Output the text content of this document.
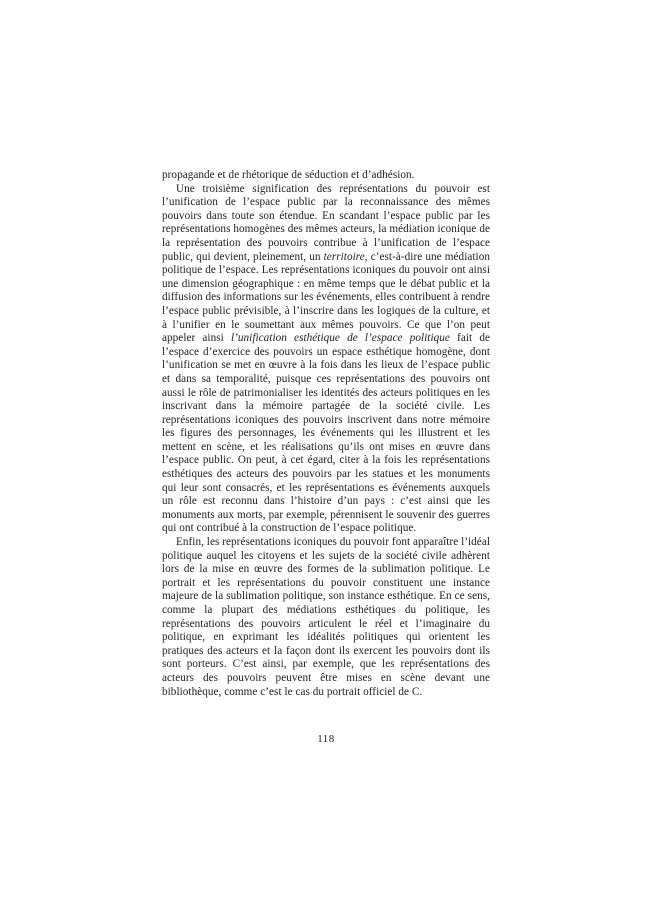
propagande et de rhétorique de séduction et d’adhésion.

Une troisième signification des représentations du pouvoir est l’unification de l’espace public par la reconnaissance des mêmes pouvoirs dans toute son étendue. En scandant l’espace public par les représentations homogènes des mêmes acteurs, la médiation iconique de la représentation des pouvoirs contribue à l’unification de l’espace public, qui devient, pleinement, un territoire, c’est-à-dire une médiation politique de l’espace. Les représentations iconiques du pouvoir ont ainsi une dimension géographique : en même temps que le débat public et la diffusion des informations sur les événements, elles contribuent à rendre l’espace public prévisible, à l’inscrire dans les logiques de la culture, et à l’unifier en le soumettant aux mêmes pouvoirs. Ce que l’on peut appeler ainsi l’unification esthétique de l’espace politique fait de l’espace d’exercice des pouvoirs un espace esthétique homogène, dont l’unification se met en œuvre à la fois dans les lieux de l’espace public et dans sa temporalité, puisque ces représentations des pouvoirs ont aussi le rôle de patrimonialiser les identités des acteurs politiques en les inscrivant dans la mémoire partagée de la société civile. Les représentations iconiques des pouvoirs inscrivent dans notre mémoire les figures des personnages, les événements qui les illustrent et les mettent en scène, et les réalisations qu’ils ont mises en œuvre dans l’espace public. On peut, à cet égard, citer à la fois les représentations esthétiques des acteurs des pouvoirs par les statues et les monuments qui leur sont consacrés, et les représentations es événements auxquels un rôle est reconnu dans l’histoire d’un pays : c’est ainsi que les monuments aux morts, par exemple, pérennisent le souvenir des guerres qui ont contribué à la construction de l’espace politique.

Enfin, les représentations iconiques du pouvoir font apparaître l’idéal politique auquel les citoyens et les sujets de la société civile adhèrent lors de la mise en œuvre des formes de la sublimation politique. Le portrait et les représentations du pouvoir constituent une instance majeure de la sublimation politique, son instance esthétique. En ce sens, comme la plupart des médiations esthétiques du politique, les représentations des pouvoirs articulent le réel et l’imaginaire du politique, en exprimant les idéalités politiques qui orientent les pratiques des acteurs et la façon dont ils exercent les pouvoirs dont ils sont porteurs. C’est ainsi, par exemple, que les représentations des acteurs des pouvoirs peuvent être mises en scène devant une bibliothèque, comme c’est le cas du portrait officiel de C.

118
